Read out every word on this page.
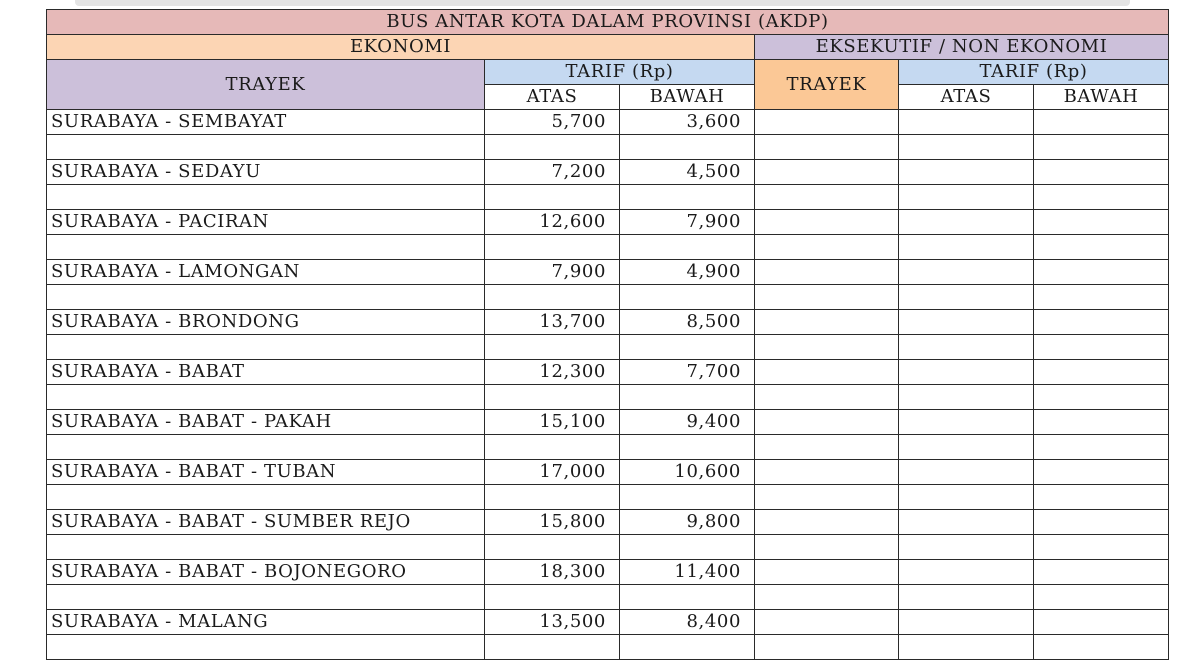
BUS ANTAR KOTA DALAM PROVINSI (AKDP)					
EKONOMI			EKSEKUTIF / NON EKONOMI		
TRAYEK	TARIF (Rp)		TRAYEK	TARIF (Rp)	
	ATAS	BAWAH		ATAS	BAWAH
SURABAYA - SEMBAYAT	5,700	3,600			

SURABAYA - SEDAYU	7,200	4,500			

SURABAYA - PACIRAN	12,600	7,900			

SURABAYA - LAMONGAN	7,900	4,900			

SURABAYA - BRONDONG	13,700	8,500			

SURABAYA - BABAT	12,300	7,700			

SURABAYA - BABAT - PAKAH	15,100	9,400			

SURABAYA - BABAT - TUBAN	17,000	10,600			

SURABAYA - BABAT - SUMBER REJO	15,800	9,800			

SURABAYA - BABAT - BOJONEGORO	18,300	11,400			

SURABAYA - MALANG	13,500	8,400			
